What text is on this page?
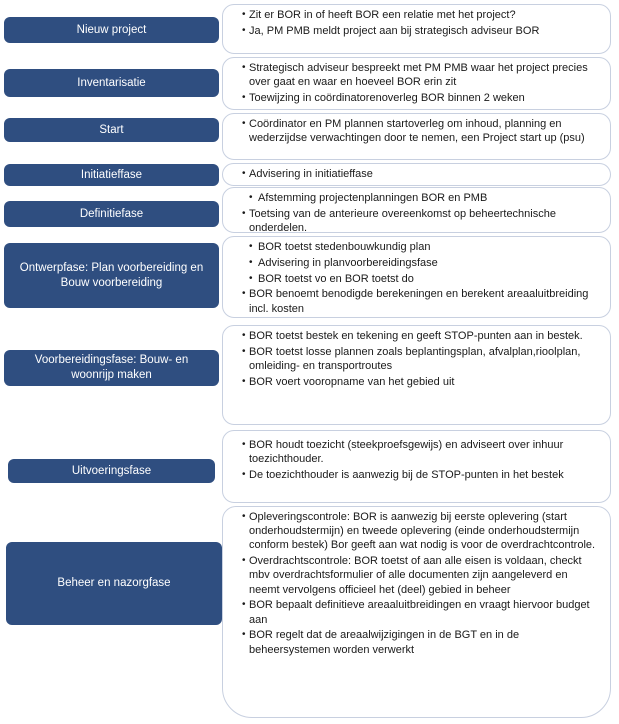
Nieuw project
• Zit er BOR in of heeft BOR een relatie met het project?
• Ja, PM PMB meldt project aan bij strategisch adviseur BOR
Inventarisatie
• Strategisch adviseur bespreekt met PM PMB waar het project precies over gaat en waar en hoeveel BOR erin zit
• Toewijzing in coördinatorenoverleg BOR binnen 2 weken
Start	• Coördinator en PM plannen startoverleg om inhoud, planning en wederzijdse verwachtingen door te nemen, een Project start up (psu)
Initiatieffase	• Advisering in initiatieffase
Definitiefase
• Afstemming projectenplanningen BOR en PMB
• Toetsing van de anterieure overeenkomst op beheertechnische onderdelen.
Ontwerpfase: Plan voorbereiding en Bouw voorbereiding
• BOR toetst stedenbouwkundig plan
• Advisering in planvoorbereidingsfase
• BOR toetst vo en BOR toetst do
• BOR benoemt benodigde berekeningen en berekent areaaluitbreiding incl. kosten
Voorbereidingsfase: Bouw- en woonrijp maken
• BOR toetst bestek en tekening en geeft STOP-punten aan in bestek.
• BOR toetst losse plannen zoals beplantingsplan, afvalplan,rioolplan, omleiding- en transportroutes
• BOR voert vooropname van het gebied uit
Uitvoeringsfase
• BOR houdt toezicht (steekproefsgewijs) en adviseert over inhuur toezichthouder.
• De toezichthouder is aanwezig bij de STOP-punten in het bestek
Beheer en nazorgfase
• Opleveringscontrole: BOR is aanwezig bij eerste oplevering (start onderhoudstermijn) en tweede oplevering (einde onderhoudstermijn conform bestek) Bor geeft aan wat nodig is voor de overdrachtcontrole.
• Overdrachtscontrole: BOR toetst of aan alle eisen is voldaan, checkt mbv overdrachtsformulier of alle documenten zijn aangeleverd en neemt vervolgens officieel het (deel) gebied in beheer
• BOR bepaalt definitieve areaaluitbreidingen en vraagt hiervoor budget aan
• BOR regelt dat de areaalwijzigingen in de BGT en in de beheersystemen worden verwerkt
